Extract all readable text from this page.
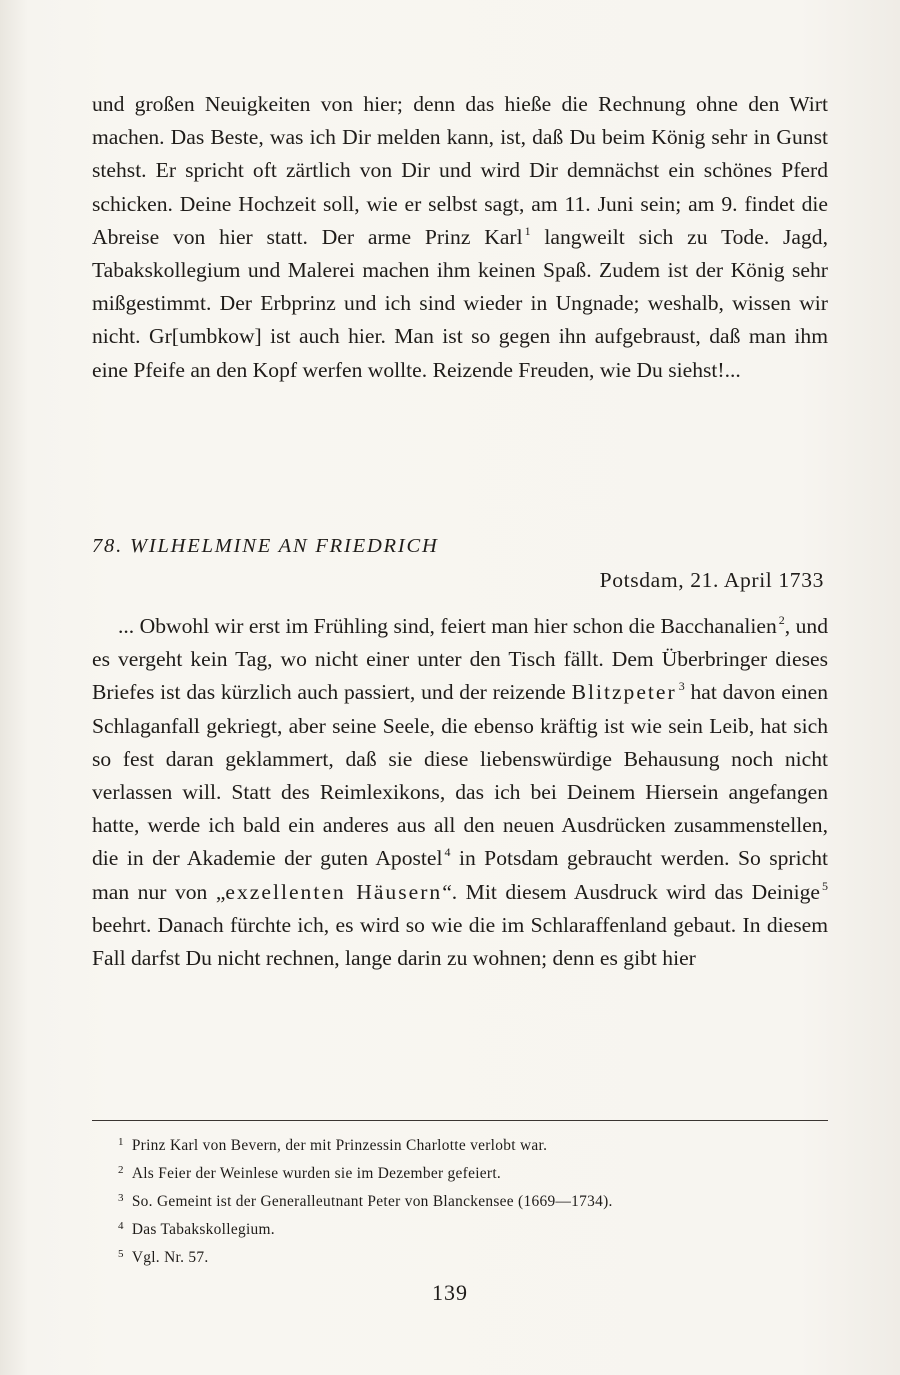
und großen Neuigkeiten von hier; denn das hieße die Rechnung ohne den Wirt machen. Das Beste, was ich Dir melden kann, ist, daß Du beim König sehr in Gunst stehst. Er spricht oft zärtlich von Dir und wird Dir demnächst ein schönes Pferd schicken. Deine Hochzeit soll, wie er selbst sagt, am 11. Juni sein; am 9. findet die Abreise von hier statt. Der arme Prinz Karl $^1$ langweilt sich zu Tode. Jagd, Tabakskollegium und Malerei machen ihm keinen Spaß. Zudem ist der König sehr mißgestimmt. Der Erbprinz und ich sind wieder in Ungnade; weshalb, wissen wir nicht. Gr[umbkow] ist auch hier. Man ist so gegen ihn aufgebraust, daß man ihm eine Pfeife an den Kopf werfen wollte. Reizende Freuden, wie Du siehst!...

78. WILHELMINE AN FRIEDRICH
Potsdam, 21. April 1733

... Obwohl wir erst im Frühling sind, feiert man hier schon die Bacchanalien $^2$, und es vergeht kein Tag, wo nicht einer unter den Tisch fällt. Dem Überbringer dieses Briefes ist das kürzlich auch passiert, und der reizende Blitzpeter $^3$ hat davon einen Schlaganfall gekriegt, aber seine Seele, die ebenso kräftig ist wie sein Leib, hat sich so fest daran geklammert, daß sie diese liebenswürdige Behausung noch nicht verlassen will. Statt des Reimlexikons, das ich bei Deinem Hiersein angefangen hatte, werde ich bald ein anderes aus all den neuen Ausdrücken zusammenstellen, die in der Akademie der guten Apostel $^4$ in Potsdam gebraucht werden. So spricht man nur von „exzellenten Häusern“. Mit diesem Ausdruck wird das Deinige $^5$ beehrt. Danach fürchte ich, es wird so wie die im Schlaraffenland gebaut. In diesem Fall darfst Du nicht rechnen, lange darin zu wohnen; denn es gibt hier

$^1$ Prinz Karl von Bevern, der mit Prinzessin Charlotte verlobt war.
$^2$ Als Feier der Weinlese wurden sie im Dezember gefeiert.
$^3$ So. Gemeint ist der Generalleutnant Peter von Blanckensee (1669—1734).
$^4$ Das Tabakskollegium.
$^5$ Vgl. Nr. 57.
139
